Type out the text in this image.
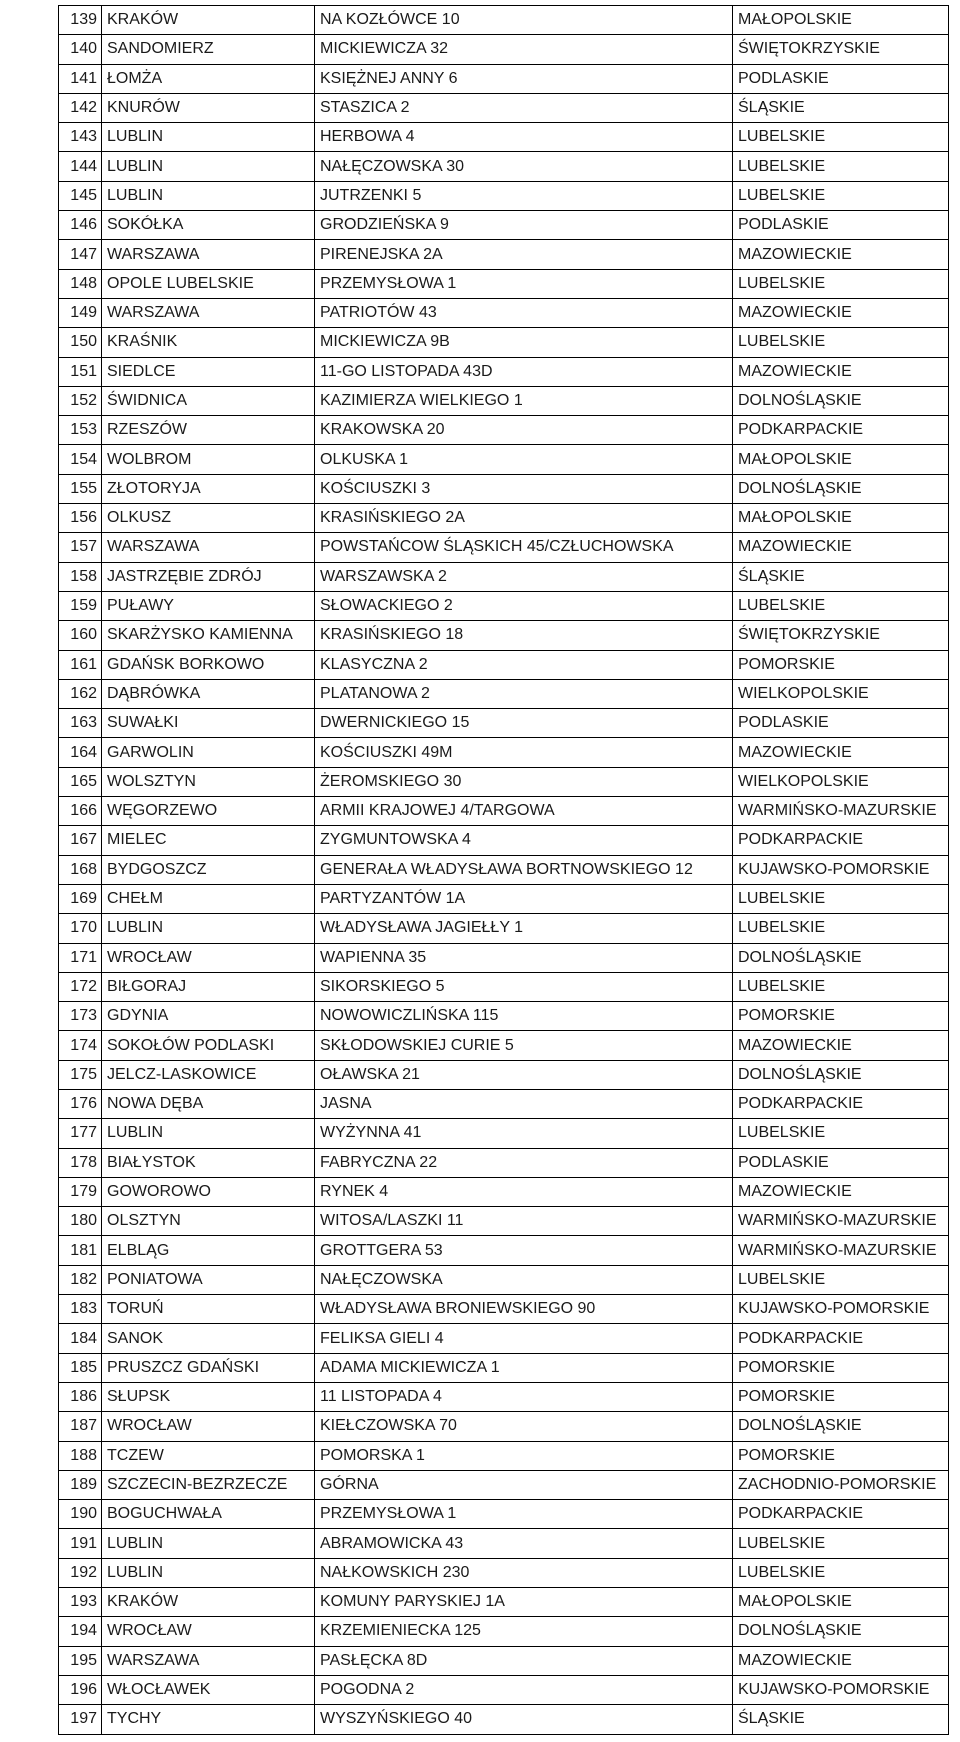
139	KRAKÓW	NA KOZŁÓWCE 10	MAŁOPOLSKIE
140	SANDOMIERZ	MICKIEWICZA 32	ŚWIĘTOKRZYSKIE
141	ŁOMŻA	KSIĘŻNEJ ANNY 6	PODLASKIE
142	KNURÓW	STASZICA 2	ŚLĄSKIE
143	LUBLIN	HERBOWA 4	LUBELSKIE
144	LUBLIN	NAŁĘCZOWSKA 30	LUBELSKIE
145	LUBLIN	JUTRZENKI 5	LUBELSKIE
146	SOKÓŁKA	GRODZIEŃSKA 9	PODLASKIE
147	WARSZAWA	PIRENEJSKA 2A	MAZOWIECKIE
148	OPOLE LUBELSKIE	PRZEMYSŁOWA 1	LUBELSKIE
149	WARSZAWA	PATRIOTÓW 43	MAZOWIECKIE
150	KRAŚNIK	MICKIEWICZA 9B	LUBELSKIE
151	SIEDLCE	11-GO LISTOPADA 43D	MAZOWIECKIE
152	ŚWIDNICA	KAZIMIERZA WIELKIEGO 1	DOLNOŚLĄSKIE
153	RZESZÓW	KRAKOWSKA 20	PODKARPACKIE
154	WOLBROM	OLKUSKA 1	MAŁOPOLSKIE
155	ZŁOTORYJA	KOŚCIUSZKI 3	DOLNOŚLĄSKIE
156	OLKUSZ	KRASIŃSKIEGO 2A	MAŁOPOLSKIE
157	WARSZAWA	POWSTAŃCOW ŚLĄSKICH 45/CZŁUCHOWSKA	MAZOWIECKIE
158	JASTRZĘBIE ZDRÓJ	WARSZAWSKA 2	ŚLĄSKIE
159	PUŁAWY	SŁOWACKIEGO 2	LUBELSKIE
160	SKARŻYSKO KAMIENNA	KRASIŃSKIEGO 18	ŚWIĘTOKRZYSKIE
161	GDAŃSK BORKOWO	KLASYCZNA 2	POMORSKIE
162	DĄBRÓWKA	PLATANOWA 2	WIELKOPOLSKIE
163	SUWAŁKI	DWERNICKIEGO 15	PODLASKIE
164	GARWOLIN	KOŚCIUSZKI 49M	MAZOWIECKIE
165	WOLSZTYN	ŻEROMSKIEGO 30	WIELKOPOLSKIE
166	WĘGORZEWO	ARMII KRAJOWEJ 4/TARGOWA	WARMIŃSKO-MAZURSKIE
167	MIELEC	ZYGMUNTOWSKA 4	PODKARPACKIE
168	BYDGOSZCZ	GENERAŁA WŁADYSŁAWA BORTNOWSKIEGO 12	KUJAWSKO-POMORSKIE
169	CHEŁM	PARTYZANTÓW 1A	LUBELSKIE
170	LUBLIN	WŁADYSŁAWA JAGIEŁŁY 1	LUBELSKIE
171	WROCŁAW	WAPIENNA 35	DOLNOŚLĄSKIE
172	BIŁGORAJ	SIKORSKIEGO 5	LUBELSKIE
173	GDYNIA	NOWOWICZLIŃSKA 115	POMORSKIE
174	SOKOŁÓW PODLASKI	SKŁODOWSKIEJ CURIE 5	MAZOWIECKIE
175	JELCZ-LASKOWICE	OŁAWSKA 21	DOLNOŚLĄSKIE
176	NOWA DĘBA	JASNA	PODKARPACKIE
177	LUBLIN	WYŻYNNA 41	LUBELSKIE
178	BIAŁYSTOK	FABRYCZNA 22	PODLASKIE
179	GOWOROWO	RYNEK 4	MAZOWIECKIE
180	OLSZTYN	WITOSA/LASZKI 11	WARMIŃSKO-MAZURSKIE
181	ELBLĄG	GROTTGERA 53	WARMIŃSKO-MAZURSKIE
182	PONIATOWA	NAŁĘCZOWSKA	LUBELSKIE
183	TORUŃ	WŁADYSŁAWA BRONIEWSKIEGO 90	KUJAWSKO-POMORSKIE
184	SANOK	FELIKSA GIELI 4	PODKARPACKIE
185	PRUSZCZ GDAŃSKI	ADAMA MICKIEWICZA 1	POMORSKIE
186	SŁUPSK	11 LISTOPADA 4	POMORSKIE
187	WROCŁAW	KIEŁCZOWSKA 70	DOLNOŚLĄSKIE
188	TCZEW	POMORSKA 1	POMORSKIE
189	SZCZECIN-BEZRZECZE	GÓRNA	ZACHODNIO-POMORSKIE
190	BOGUCHWAŁA	PRZEMYSŁOWA 1	PODKARPACKIE
191	LUBLIN	ABRAMOWICKA 43	LUBELSKIE
192	LUBLIN	NAŁKOWSKICH 230	LUBELSKIE
193	KRAKÓW	KOMUNY PARYSKIEJ 1A	MAŁOPOLSKIE
194	WROCŁAW	KRZEMIENIECKA 125	DOLNOŚLĄSKIE
195	WARSZAWA	PASŁĘCKA 8D	MAZOWIECKIE
196	WŁOCŁAWEK	POGODNA 2	KUJAWSKO-POMORSKIE
197	TYCHY	WYSZYŃSKIEGO 40	ŚLĄSKIE
